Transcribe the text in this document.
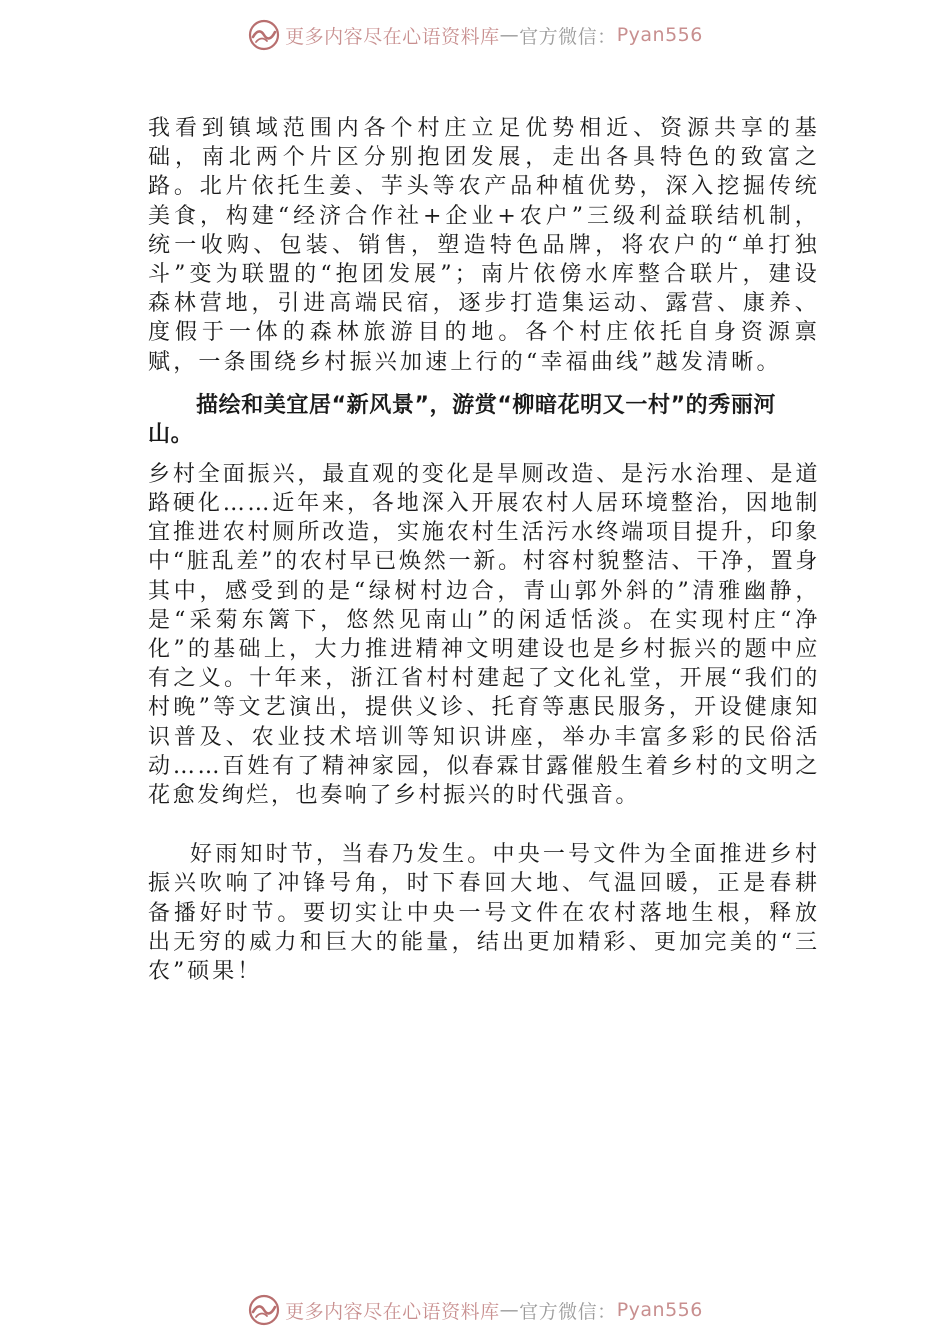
更多内容尽在心语资料库 — 官方微信： Pyan556

我看到镇域范围内各个村庄立足优势相近、资源共享的基础，南北两个片区分别抱团发展，走出各具特色的致富之路。北片依托生姜、芋头等农产品种植优势，深入挖掘传统美食，构建“经济合作社+企业+农户”三级利益联结机制，统一收购、包装、销售，塑造特色品牌，将农户的“单打独斗”变为联盟的“抱团发展”；南片依傍水库整合联片，建设森林营地，引进高端民宿，逐步打造集运动、露营、康养、度假于一体的森林旅游目的地。各个村庄依托自身资源禀赋，一条围绕乡村振兴加速上行的“幸福曲线”越发清晰。

描绘和美宜居“新风景”，游赏“柳暗花明又一村”的秀丽河山。

乡村全面振兴，最直观的变化是旱厕改造、是污水治理、是道路硬化……近年来，各地深入开展农村人居环境整治，因地制宜推进农村厕所改造，实施农村生活污水终端项目提升，印象中“脏乱差”的农村早已焕然一新。村容村貌整洁、干净，置身其中，感受到的是“绿树村边合，青山郭外斜的”清雅幽静，是“采菊东篱下，悠然见南山”的闲适恬淡。在实现村庄“净化”的基础上，大力推进精神文明建设也是乡村振兴的题中应有之义。十年来，浙江省村村建起了文化礼堂，开展“我们的村晚”等文艺演出，提供义诊、托育等惠民服务，开设健康知识普及、农业技术培训等知识讲座，举办丰富多彩的民俗活动……百姓有了精神家园，似春霖甘露催般生着乡村的文明之花愈发绚烂，也奏响了乡村振兴的时代强音。

好雨知时节，当春乃发生。中央一号文件为全面推进乡村振兴吹响了冲锋号角，时下春回大地、气温回暖，正是春耕备播好时节。要切实让中央一号文件在农村落地生根，释放出无穷的威力和巨大的能量，结出更加精彩、更加完美的“三农”硕果！

更多内容尽在心语资料库 — 官方微信： Pyan556
